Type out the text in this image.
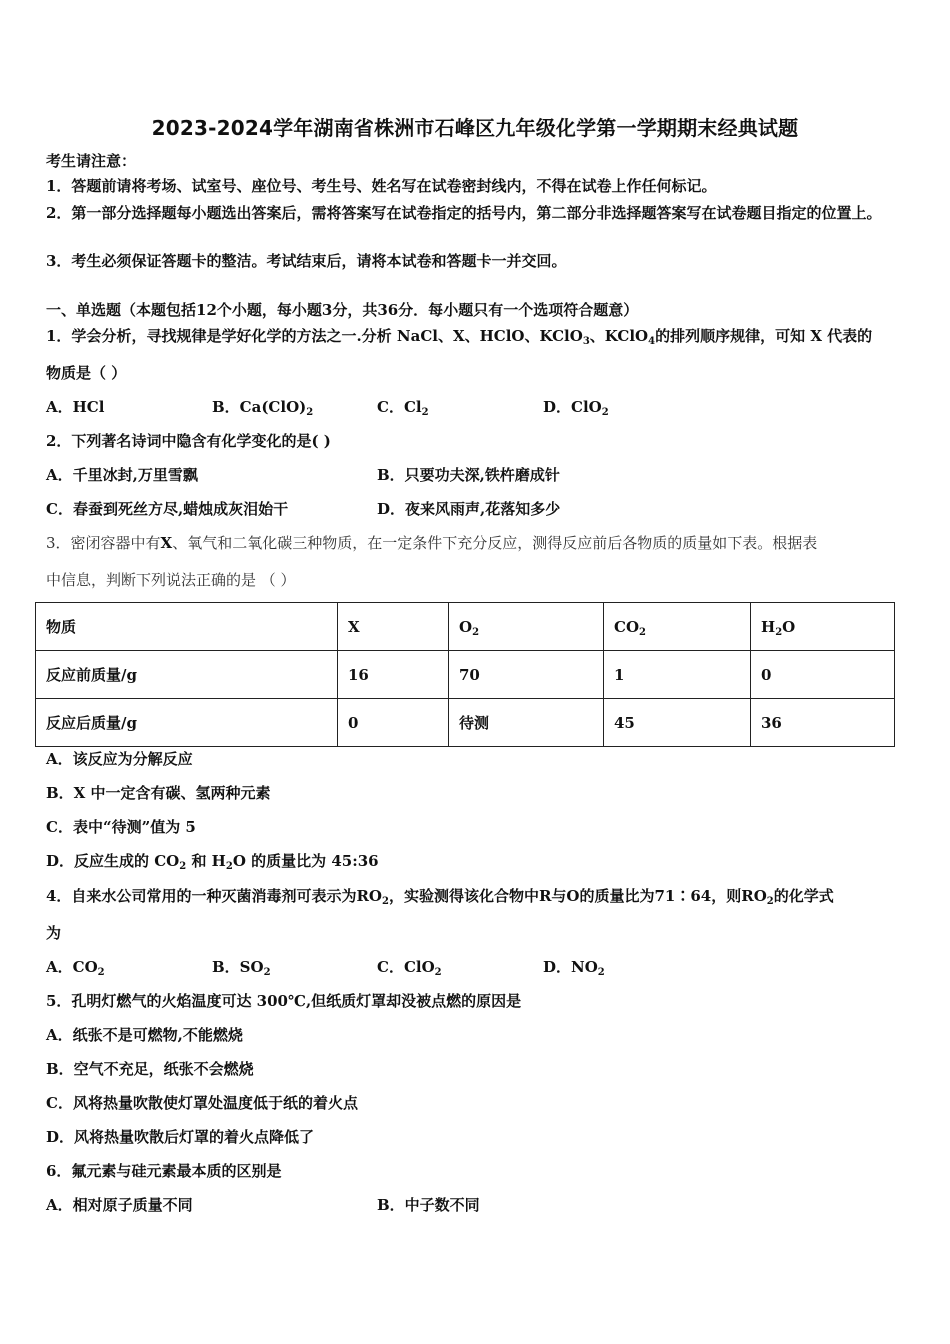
2023-2024学年湖南省株洲市石峰区九年级化学第一学期期末经典试题
考生请注意：
1．答题前请将考场、试室号、座位号、考生号、姓名写在试卷密封线内，不得在试卷上作任何标记。
2．第一部分选择题每小题选出答案后，需将答案写在试卷指定的括号内，第二部分非选择题答案写在试卷题目指定的位置上。
3．考生必须保证答题卡的整洁。考试结束后，请将本试卷和答题卡一并交回。
一、单选题（本题包括12个小题，每小题3分，共36分．每小题只有一个选项符合题意）
1．学会分析，寻找规律是学好化学的方法之一.分析 NaCl、X、HClO、KClO$_3$、KClO$_4$的排列顺序规律，可知 X 代表的
物质是（ ）
A．HCl	B．$Ca(ClO)_2$	C．$Cl_2$	D．ClO$_2$
2．下列著名诗词中隐含有化学变化的是( )
A．千里冰封,万里雪飘	B．只要功夫深,铁杵磨成针
C．春蚕到死丝方尽,蜡烛成灰泪始干	D．夜来风雨声,花落知多少
3．密闭容器中有X、氧气和二氧化碳三种物质，在一定条件下充分反应，测得反应前后各物质的质量如下表。根据表
中信息，判断下列说法正确的是 （ ）
物质	X	$O_2$	$CO_2$	$H_2O$
反应前质量/g	16	70	1	0
反应后质量/g	0	待测	45	36
A．该反应为分解反应
B．X 中一定含有碳、氢两种元素
C．表中“待测”值为 5
D．反应生成的 $CO_2$ 和 $H_2O$ 的质量比为 45:36
4．自来水公司常用的一种灭菌消毒剂可表示为$RO_2$，实验测得该化合物中R与O的质量比为71∶64，则$RO_2$的化学式
为
A．$CO_2$	B．$SO_2$	C．ClO$_2$	D．$NO_2$
5．孔明灯燃气的火焰温度可达 300℃,但纸质灯罩却没被点燃的原因是
A．纸张不是可燃物,不能燃烧
B．空气不充足，纸张不会燃烧
C．风将热量吹散使灯罩处温度低于纸的着火点
D．风将热量吹散后灯罩的着火点降低了
6．氟元素与硅元素最本质的区别是
A．相对原子质量不同	B．中子数不同
